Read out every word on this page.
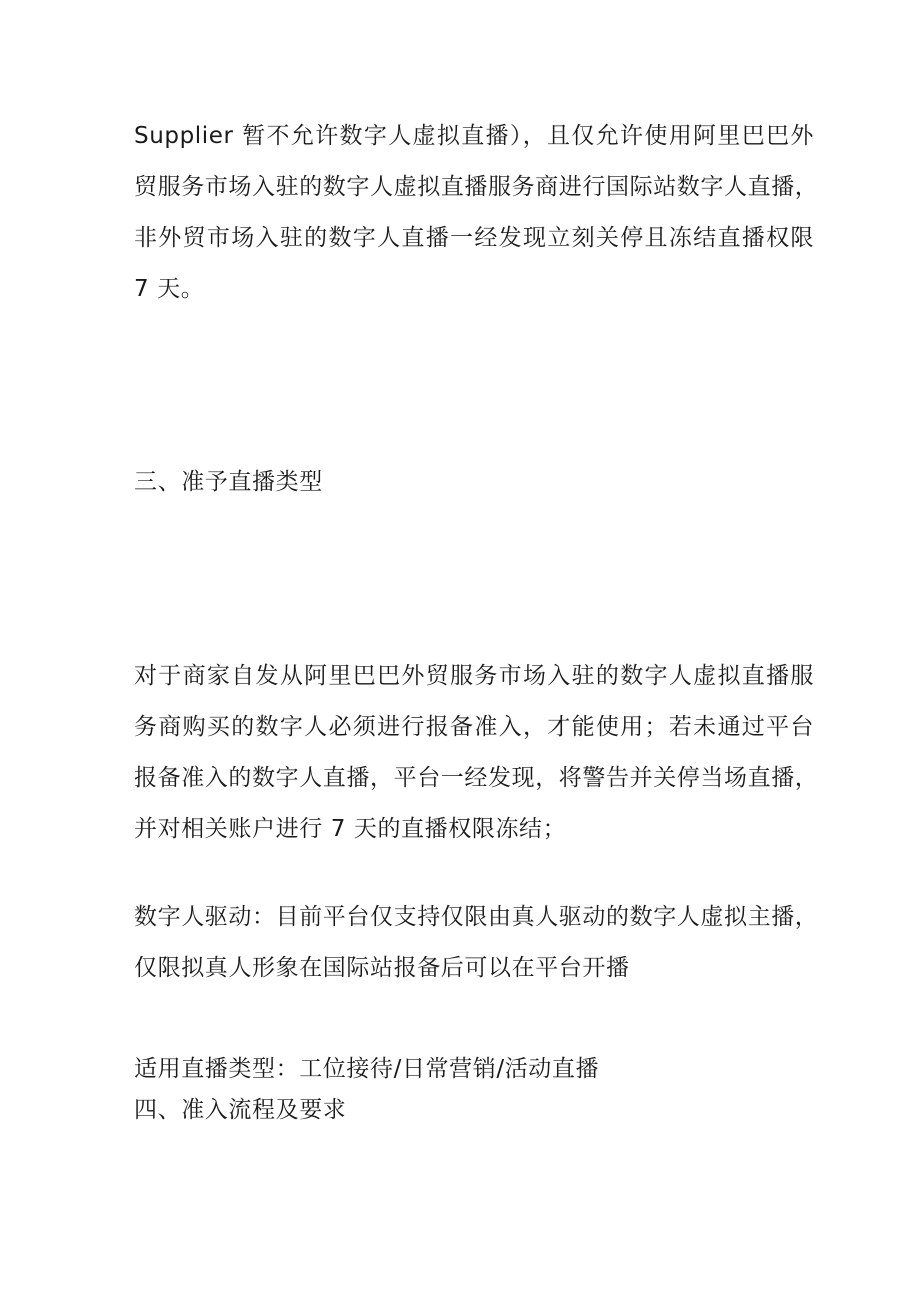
Supplier 暂不允许数字人虚拟直播），且仅允许使用阿里巴巴外
贸服务市场入驻的数字人虚拟直播服务商进行国际站数字人直播，
非外贸市场入驻的数字人直播一经发现立刻关停且冻结直播权限
7 天。
三、准予直播类型
对于商家自发从阿里巴巴外贸服务市场入驻的数字人虚拟直播服
务商购买的数字人必须进行报备准入，才能使用；若未通过平台
报备准入的数字人直播，平台一经发现，将警告并关停当场直播，
并对相关账户进行 7 天的直播权限冻结；
数字人驱动：目前平台仅支持仅限由真人驱动的数字人虚拟主播，
仅限拟真人形象在国际站报备后可以在平台开播

适用直播类型：工位接待/日常营销/活动直播

四、准入流程及要求
